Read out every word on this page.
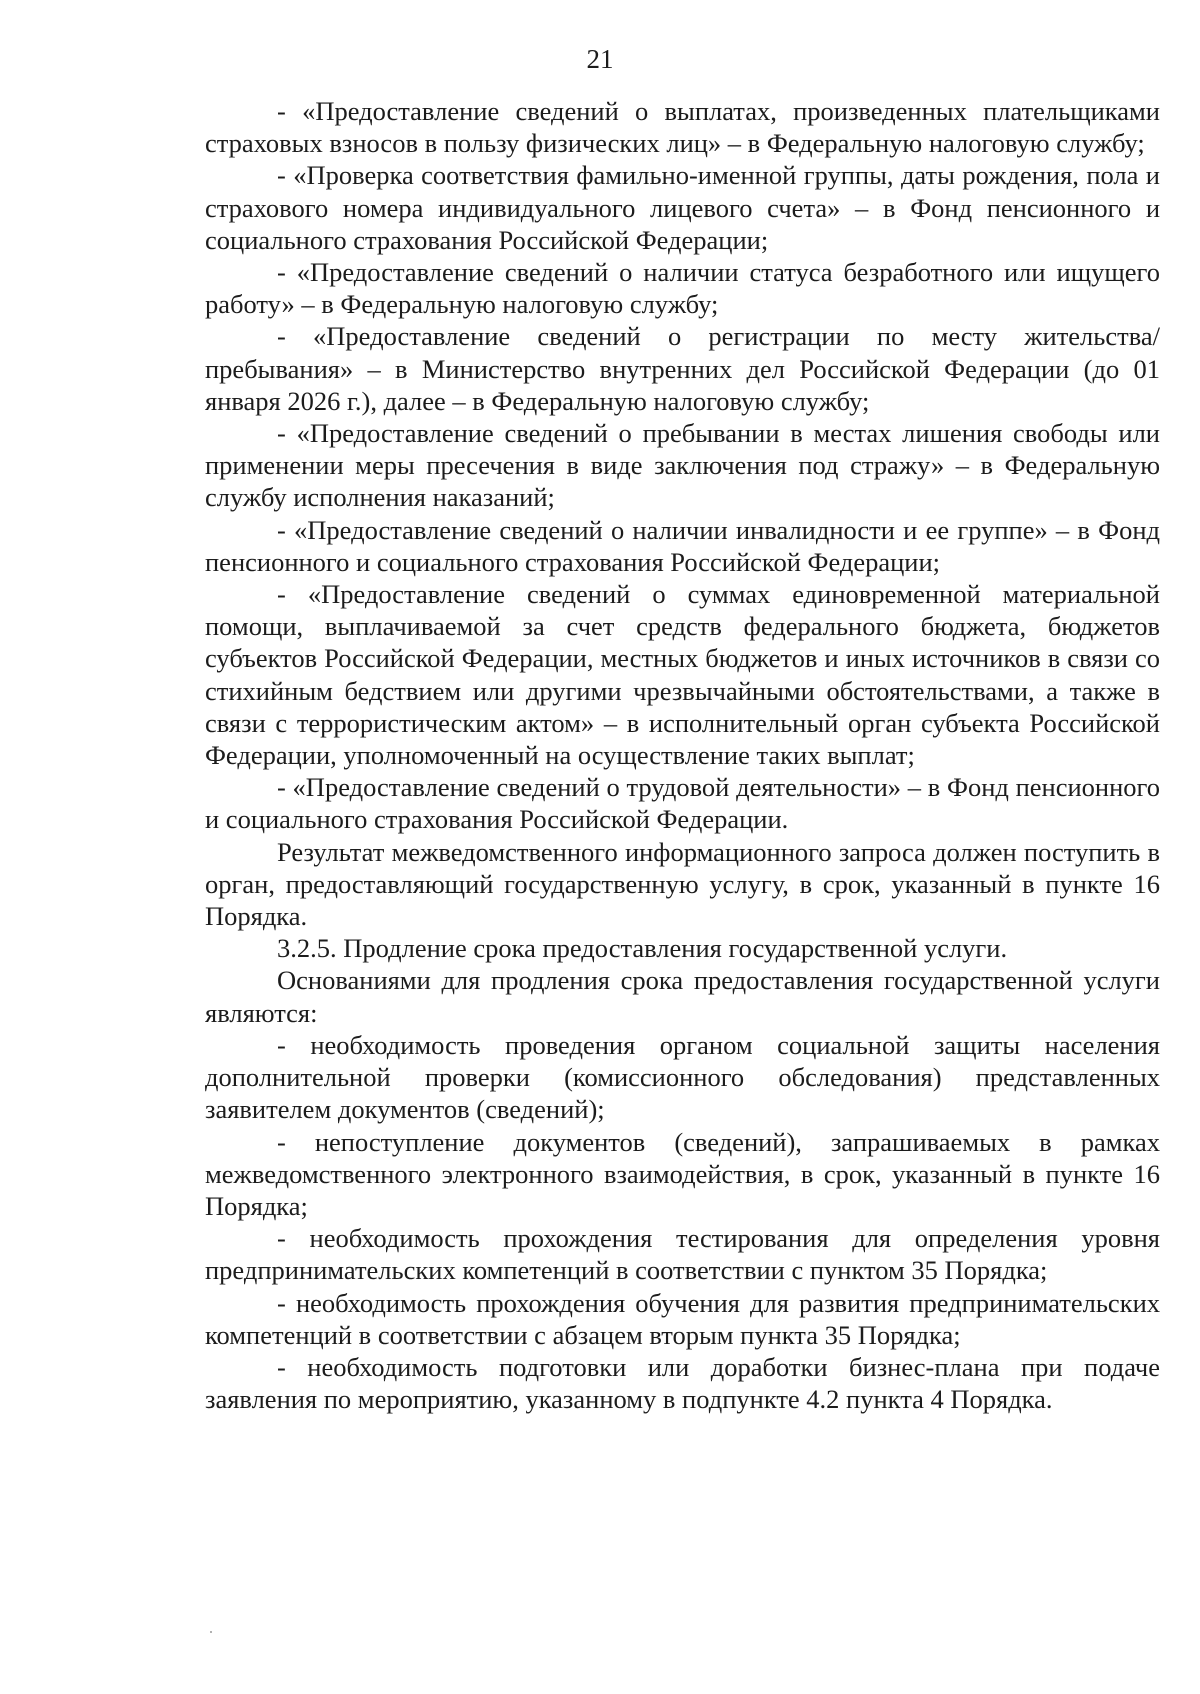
21

- «Предоставление сведений о выплатах, произведенных плательщиками страховых взносов в пользу физических лиц» – в Федеральную налоговую службу;

- «Проверка соответствия фамильно-именной группы, даты рождения, пола и страхового номера индивидуального лицевого счета» – в Фонд пенсионного и социального страхования Российской Федерации;

- «Предоставление сведений о наличии статуса безработного или ищущего работу» – в Федеральную налоговую службу;

- «Предоставление сведений о регистрации по месту жительства/пребывания» – в Министерство внутренних дел Российской Федерации (до 01 января 2026 г.), далее – в Федеральную налоговую службу;

- «Предоставление сведений о пребывании в местах лишения свободы или применении меры пресечения в виде заключения под стражу» – в Федеральную службу исполнения наказаний;

- «Предоставление сведений о наличии инвалидности и ее группе» – в Фонд пенсионного и социального страхования Российской Федерации;

- «Предоставление сведений о суммах единовременной материальной помощи, выплачиваемой за счет средств федерального бюджета, бюджетов субъектов Российской Федерации, местных бюджетов и иных источников в связи со стихийным бедствием или другими чрезвычайными обстоятельствами, а также в связи с террористическим актом» – в исполнительный орган субъекта Российской Федерации, уполномоченный на осуществление таких выплат;

- «Предоставление сведений о трудовой деятельности» – в Фонд пенсионного и социального страхования Российской Федерации.

Результат межведомственного информационного запроса должен поступить в орган, предоставляющий государственную услугу, в срок, указанный в пункте 16 Порядка.

3.2.5. Продление срока предоставления государственной услуги.

Основаниями для продления срока предоставления государственной услуги являются:

- необходимость проведения органом социальной защиты населения дополнительной проверки (комиссионного обследования) представленных заявителем документов (сведений);

- непоступление документов (сведений), запрашиваемых в рамках межведомственного электронного взаимодействия, в срок, указанный в пункте 16 Порядка;

- необходимость прохождения тестирования для определения уровня предпринимательских компетенций в соответствии с пунктом 35 Порядка;

- необходимость прохождения обучения для развития предпринимательских компетенций в соответствии с абзацем вторым пункта 35 Порядка;

- необходимость подготовки или доработки бизнес-плана при подаче заявления по мероприятию, указанному в подпункте 4.2 пункта 4 Порядка.
